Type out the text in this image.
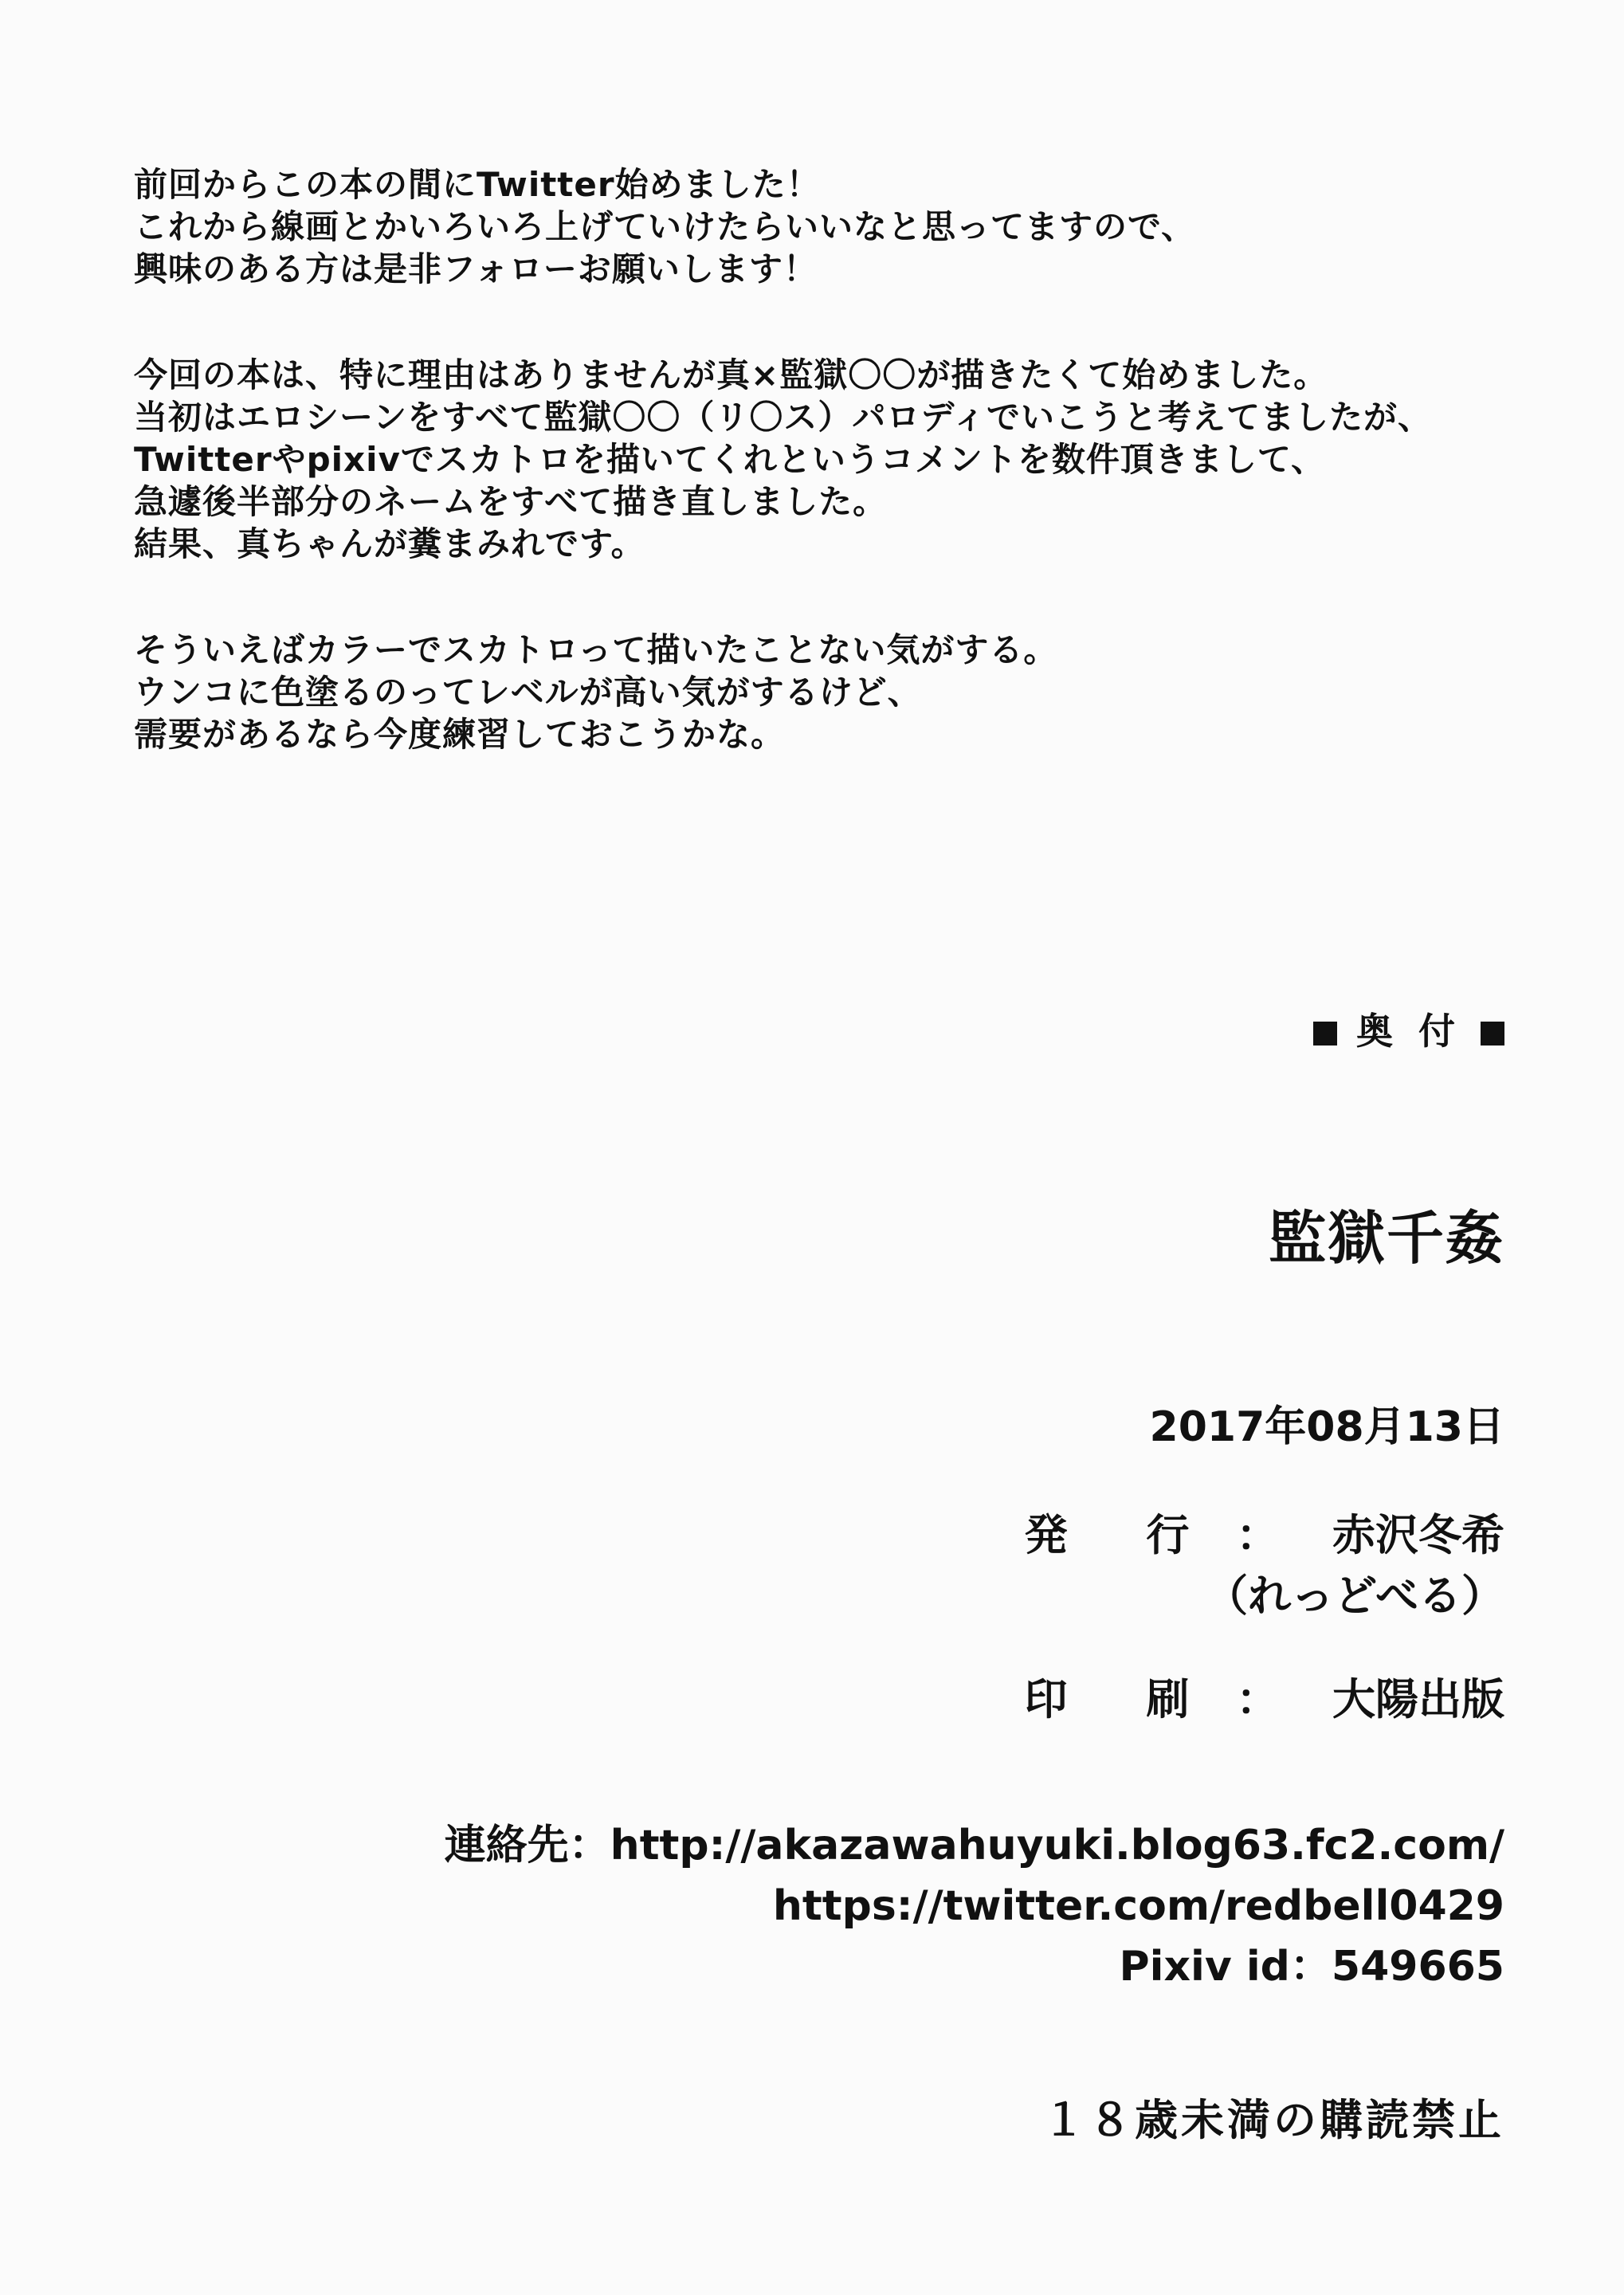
前回からこの本の間にTwitter始めました！

これから線画とかいろいろ上げていけたらいいなと思ってますので、

興味のある方は是非フォローお願いします！

今回の本は、特に理由はありませんが真×監獄〇〇が描きたくて始めました。

当初はエロシーンをすべて監獄〇〇（リ〇ス）パロディでいこうと考えてましたが、

Twitterやpixivでスカトロを描いてくれというコメントを数件頂きまして、

急遽後半部分のネームをすべて描き直しました。

結果、真ちゃんが糞まみれです。

そういえばカラーでスカトロって描いたことない気がする。

ウンコに色塗るのってレベルが高い気がするけど、

需要があるなら今度練習しておこうかな。

奥 付
監獄千姦
2017年08月13日
発 行 ： 赤沢冬希
（れっどべる）
印 刷 ： 大陽出版
連絡先：http://akazawahuyuki.blog63.fc2.com/
https://twitter.com/redbell0429
Pixiv id：549665
１８歳未満の購読禁止
